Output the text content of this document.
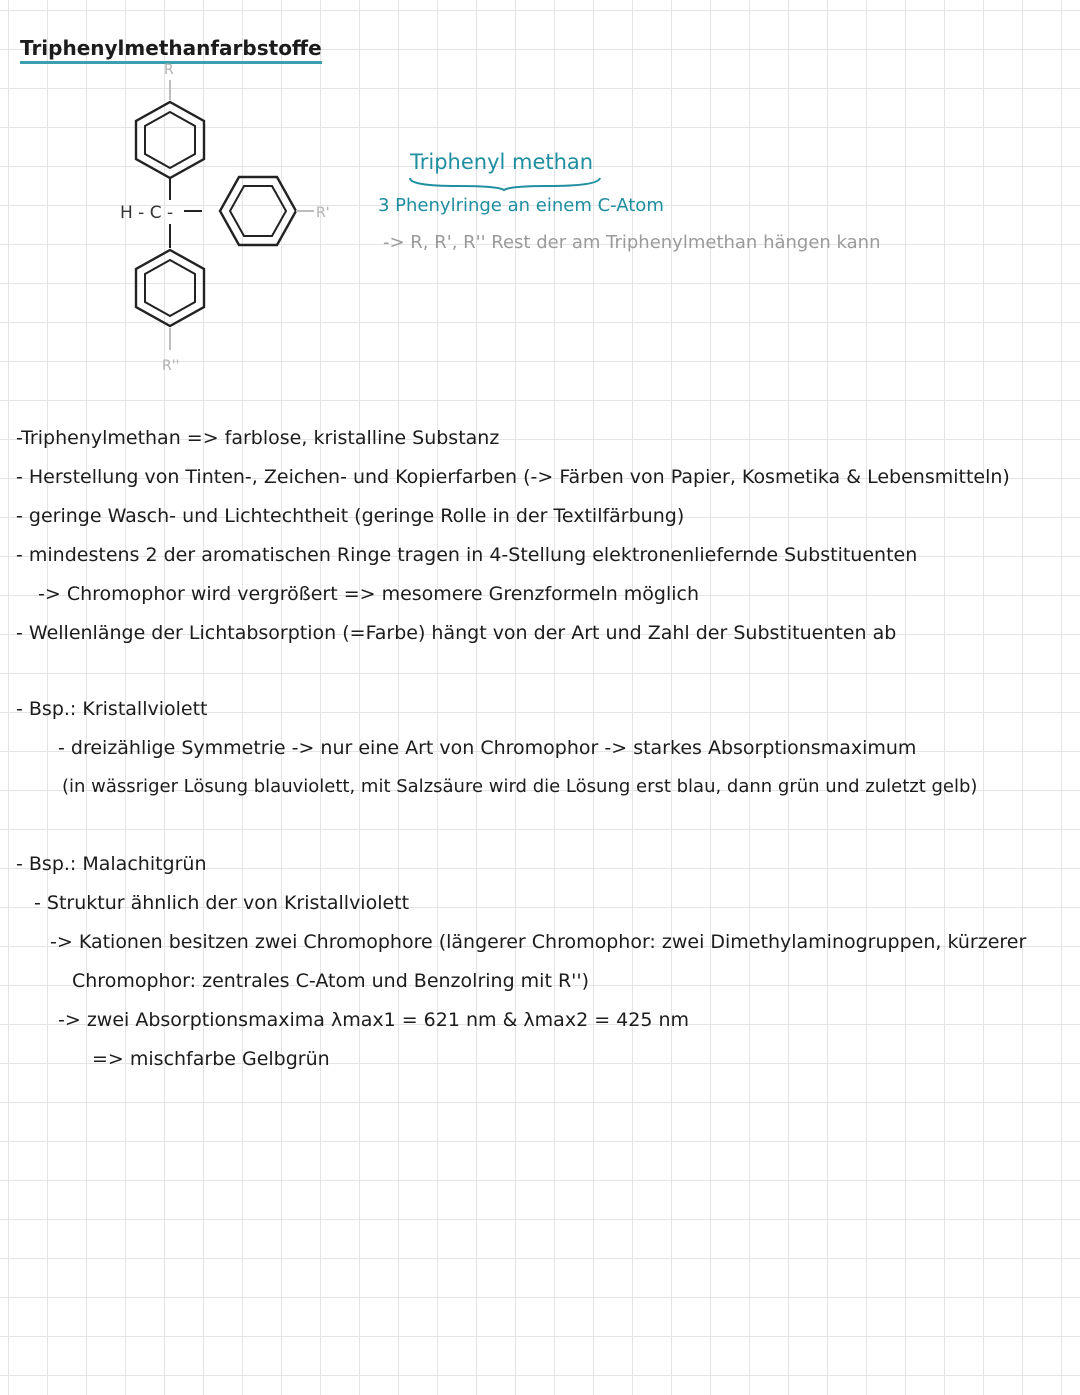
Triphenylmethanfarbstoffe
R
H - C -	R'
R''
Triphenyl methan
3 Phenylringe an einem C-Atom
-> R, R', R'' Rest der am Triphenylmethan hängen kann
-Triphenylmethan => farblose, kristalline Substanz
- Herstellung von Tinten-, Zeichen- und Kopierfarben (-> Färben von Papier, Kosmetika & Lebensmitteln)
- geringe Wasch- und Lichtechtheit (geringe Rolle in der Textilfärbung)
- mindestens 2 der aromatischen Ringe tragen in 4-Stellung elektronenliefernde Substituenten
-> Chromophor wird vergrößert => mesomere Grenzformeln möglich
- Wellenlänge der Lichtabsorption (=Farbe) hängt von der Art und Zahl der Substituenten ab
- Bsp.: Kristallviolett
- dreizählige Symmetrie -> nur eine Art von Chromophor -> starkes Absorptionsmaximum
(in wässriger Lösung blauviolett, mit Salzsäure wird die Lösung erst blau, dann grün und zuletzt gelb)
- Bsp.: Malachitgrün
- Struktur ähnlich der von Kristallviolett
-> Kationen besitzen zwei Chromophore (längerer Chromophor: zwei Dimethylaminogruppen, kürzerer
Chromophor: zentrales C-Atom und Benzolring mit R'')
-> zwei Absorptionsmaxima λmax1 = 621 nm & λmax2 = 425 nm
=> mischfarbe Gelbgrün
